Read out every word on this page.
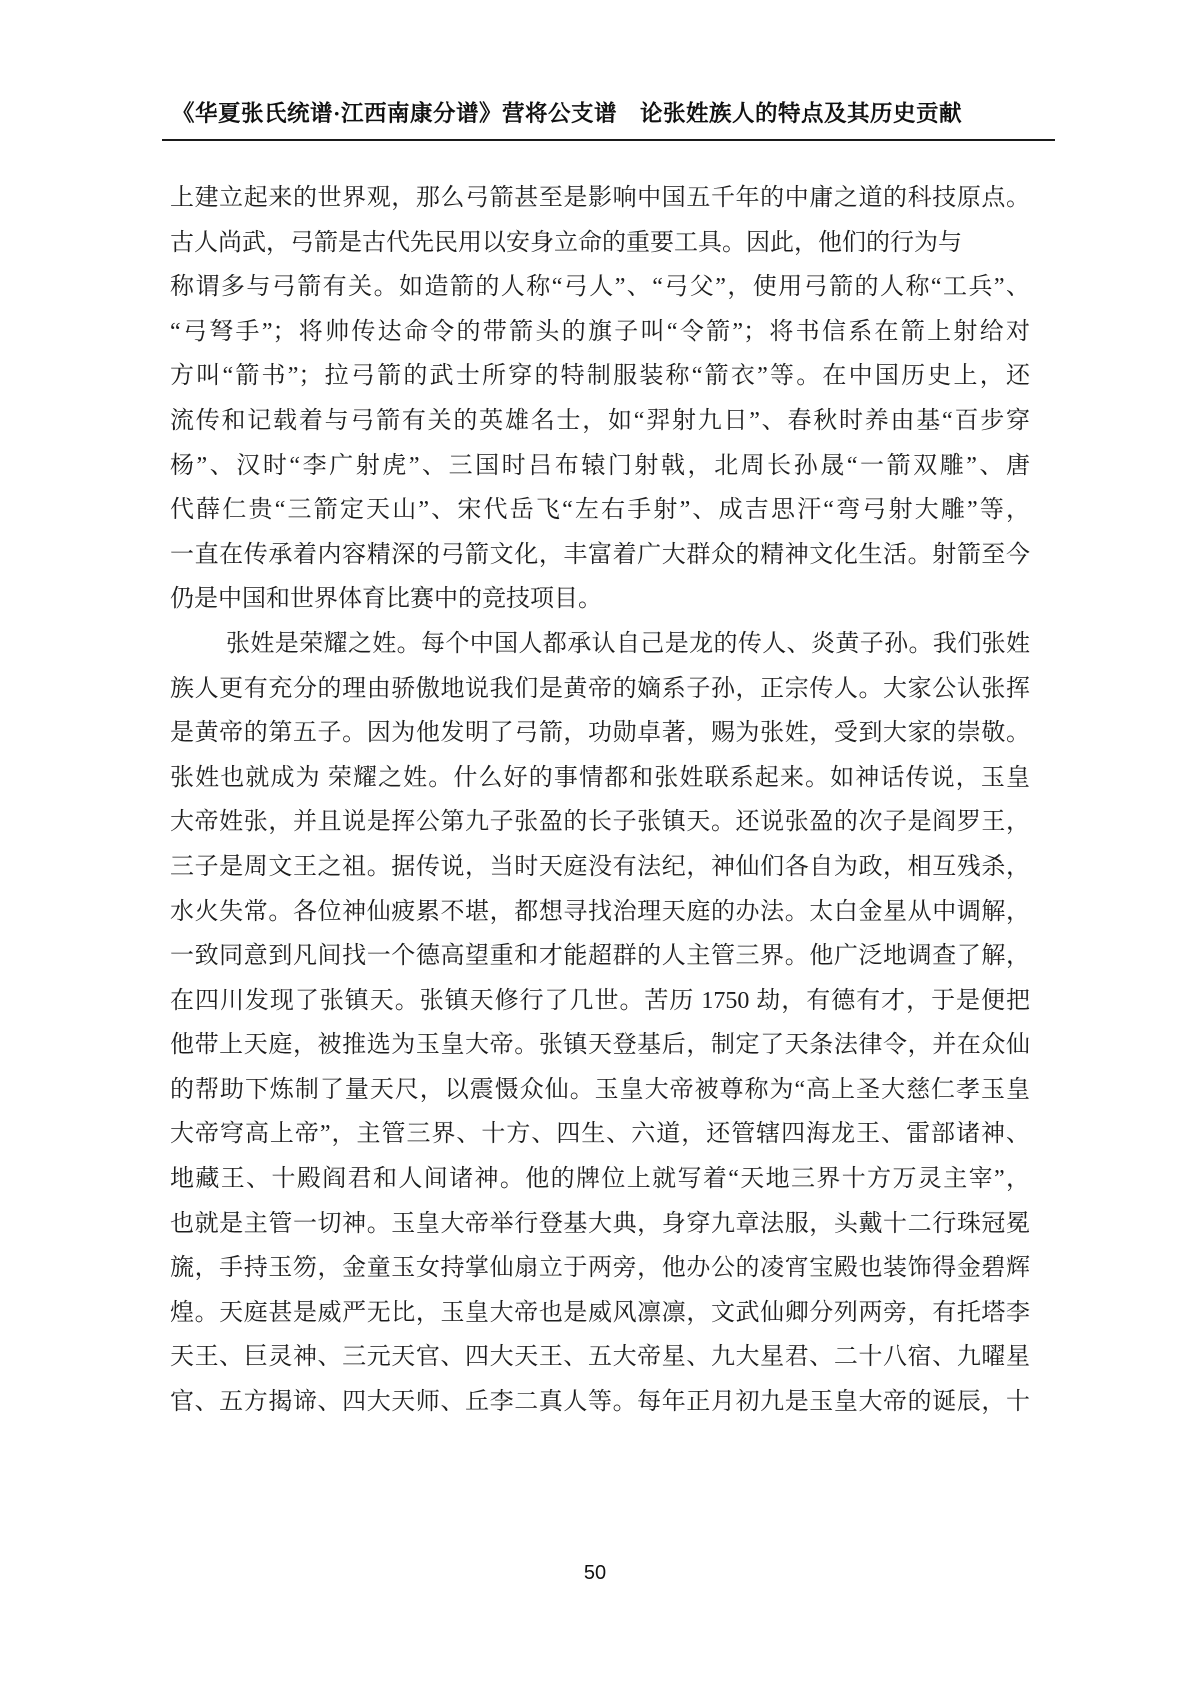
《华夏张氏统谱·江西南康分谱》营将公支谱　论张姓族人的特点及其历史贡献
上建立起来的世界观，那么弓箭甚至是影响中国五千年的中庸之道的科技原点。
古人尚武，弓箭是古代先民用以安身立命的重要工具。因此，他们的行为与
称谓多与弓箭有关。如造箭的人称“弓人”、“弓父”，使用弓箭的人称“工兵”、
“弓弩手”；将帅传达命令的带箭头的旗子叫“令箭”；将书信系在箭上射给对
方叫“箭书”；拉弓箭的武士所穿的特制服装称“箭衣”等。在中国历史上，还
流传和记载着与弓箭有关的英雄名士，如“羿射九日”、春秋时养由基“百步穿
杨”、汉时“李广射虎”、三国时吕布辕门射戟，北周长孙晟“一箭双雕”、唐
代薛仁贵“三箭定天山”、宋代岳飞“左右手射”、成吉思汗“弯弓射大雕”等，
一直在传承着内容精深的弓箭文化，丰富着广大群众的精神文化生活。射箭至今
仍是中国和世界体育比赛中的竞技项目。
张姓是荣耀之姓。每个中国人都承认自己是龙的传人、炎黄子孙。我们张姓
族人更有充分的理由骄傲地说我们是黄帝的嫡系子孙，正宗传人。大家公认张挥
是黄帝的第五子。因为他发明了弓箭，功勋卓著，赐为张姓，受到大家的崇敬。
张姓也就成为 荣耀之姓。什么好的事情都和张姓联系起来。如神话传说，玉皇
大帝姓张，并且说是挥公第九子张盈的长子张镇天。还说张盈的次子是阎罗王，
三子是周文王之祖。据传说，当时天庭没有法纪，神仙们各自为政，相互残杀，
水火失常。各位神仙疲累不堪，都想寻找治理天庭的办法。太白金星从中调解，
一致同意到凡间找一个德高望重和才能超群的人主管三界。他广泛地调查了解，
在四川发现了张镇天。张镇天修行了几世。苦历 1750 劫，有德有才，于是便把
他带上天庭，被推选为玉皇大帝。张镇天登基后，制定了天条法律令，并在众仙
的帮助下炼制了量天尺，以震慑众仙。玉皇大帝被尊称为“高上圣大慈仁孝玉皇
大帝穹高上帝”，主管三界、十方、四生、六道，还管辖四海龙王、雷部诸神、
地藏王、十殿阎君和人间诸神。他的牌位上就写着“天地三界十方万灵主宰”，
也就是主管一切神。玉皇大帝举行登基大典，身穿九章法服，头戴十二行珠冠冕
旒，手持玉笏，金童玉女持掌仙扇立于两旁，他办公的凌宵宝殿也装饰得金碧辉
煌。天庭甚是威严无比，玉皇大帝也是威风凛凛，文武仙卿分列两旁，有托塔李
天王、巨灵神、三元天官、四大天王、五大帝星、九大星君、二十八宿、九曜星
官、五方揭谛、四大天师、丘李二真人等。每年正月初九是玉皇大帝的诞辰，十
50
